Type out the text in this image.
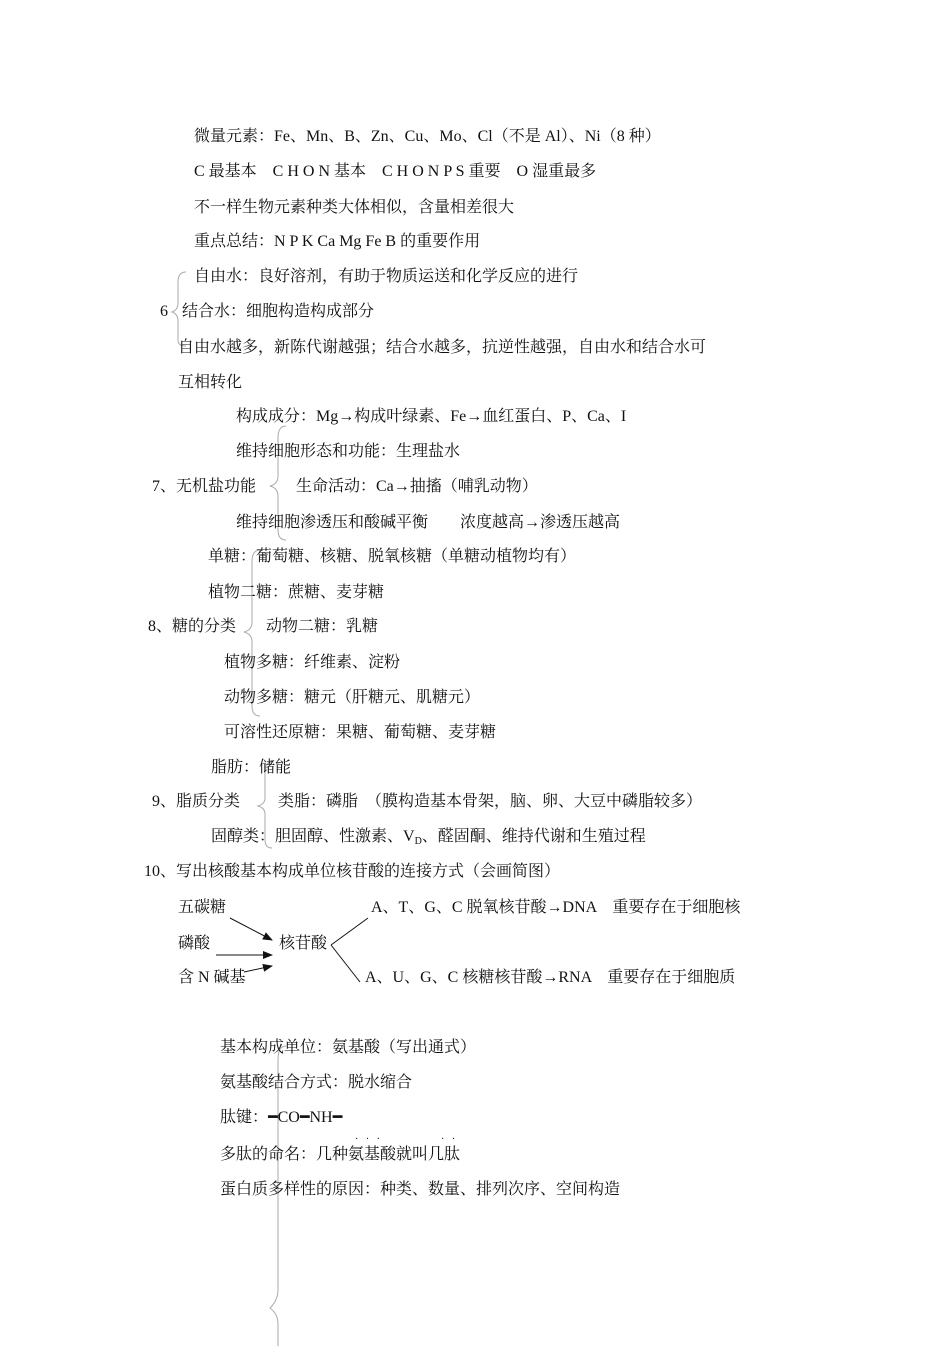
微量元素：Fe、Mn、B、Zn、Cu、Mo、Cl（不是 Al）、Ni（8 种）
C 最基本　C H O N 基本　C H O N P S 重要　O 湿重最多
不一样生物元素种类大体相似，含量相差很大
重点总结：N P K Ca Mg Fe B 的重要作用
自由水：良好溶剂，有助于物质运送和化学反应的进行
6 结合水：细胞构造构成部分
自由水越多，新陈代谢越强；结合水越多，抗逆性越强，自由水和结合水可
互相转化
构成成分：Mg→构成叶绿素、Fe→血红蛋白、P、Ca、I
维持细胞形态和功能：生理盐水
7、无机盐功能 生命活动：Ca→抽搐（哺乳动物）
维持细胞渗透压和酸碱平衡　　浓度越高→渗透压越高
单糖：葡萄糖、核糖、脱氧核糖（单糖动植物均有）
植物二糖：蔗糖、麦芽糖
8、糖的分类 动物二糖：乳糖
植物多糖：纤维素、淀粉
动物多糖：糖元（肝糖元、肌糖元）
可溶性还原糖：果糖、葡萄糖、麦芽糖
脂肪：储能
9、脂质分类 类脂：磷脂　（膜构造基本骨架，脑、卵、大豆中磷脂较多）
固醇类：胆固醇、性激素、$V_D$、醛固酮、维持代谢和生殖过程
10、写出核酸基本构成单位核苷酸的连接方式（会画简图）
五碳糖
磷酸
含 N 碱基
核苷酸
A、T、G、C 脱氧核苷酸→DNA　重要存在于细胞核
A、U、G、C 核糖核苷酸→RNA　重要存在于细胞质
基本构成单位：氨基酸（写出通式）
氨基酸结合方式：脱水缩合
肽键：━CO━NH━
·   ·   ·	·   ·
多肽的命名：几种氨基酸就叫几肽
蛋白质多样性的原因：种类、数量、排列次序、空间构造
